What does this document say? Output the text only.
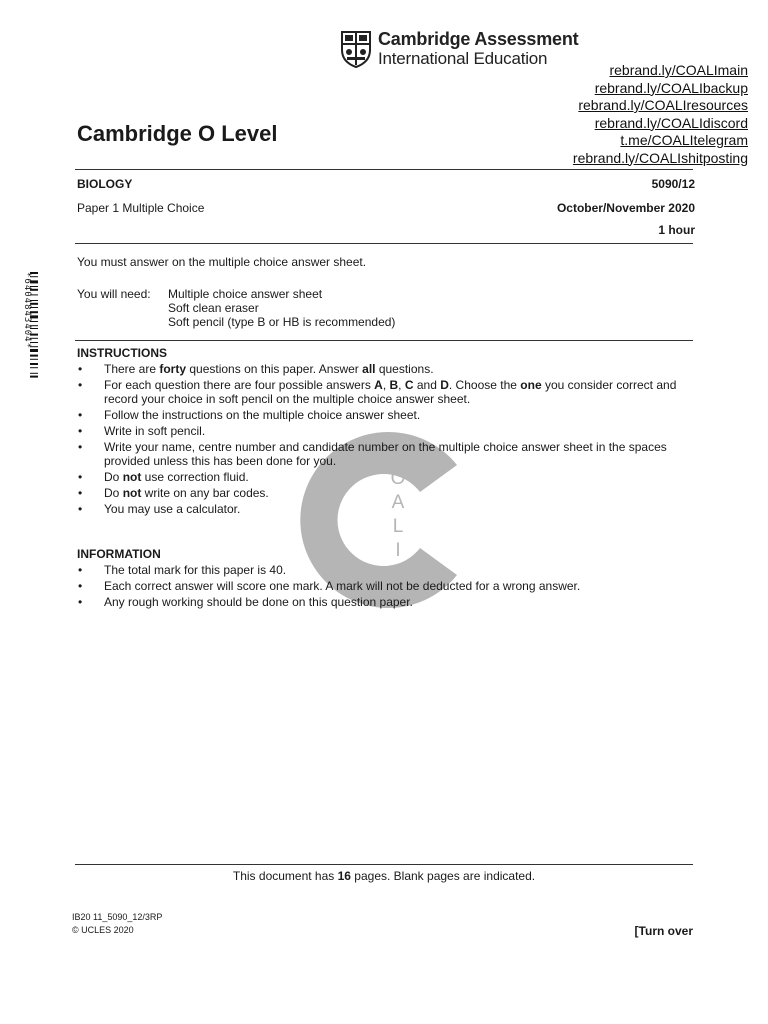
Cambridge Assessment
International Education
rebrand.ly/COALImain
rebrand.ly/COALIbackup
rebrand.ly/COALIresources
rebrand.ly/COALIdiscord
t.me/COALItelegram
rebrand.ly/COALIshitposting
Cambridge O Level
BIOLOGY	5090/12
Paper 1 Multiple Choice	October/November 2020
1 hour
You must answer on the multiple choice answer sheet.
You will need: Multiple choice answer sheet
Soft clean eraser
Soft pencil (type B or HB is recommended)
*6404843404*
O
A
L
I
INSTRUCTIONS
• There are forty questions on this paper. Answer all questions.
• For each question there are four possible answers A, B, C and D. Choose the one you consider correct and record your choice in soft pencil on the multiple choice answer sheet.
• Follow the instructions on the multiple choice answer sheet.
• Write in soft pencil.
• Write your name, centre number and candidate number on the multiple choice answer sheet in the spaces provided unless this has been done for you.
• Do not use correction fluid.
• Do not write on any bar codes.
• You may use a calculator.
INFORMATION
• The total mark for this paper is 40.
• Each correct answer will score one mark. A mark will not be deducted for a wrong answer.
• Any rough working should be done on this question paper.
This document has 16 pages. Blank pages are indicated.
IB20 11_5090_12/3RP
© UCLES 2020	[Turn over
